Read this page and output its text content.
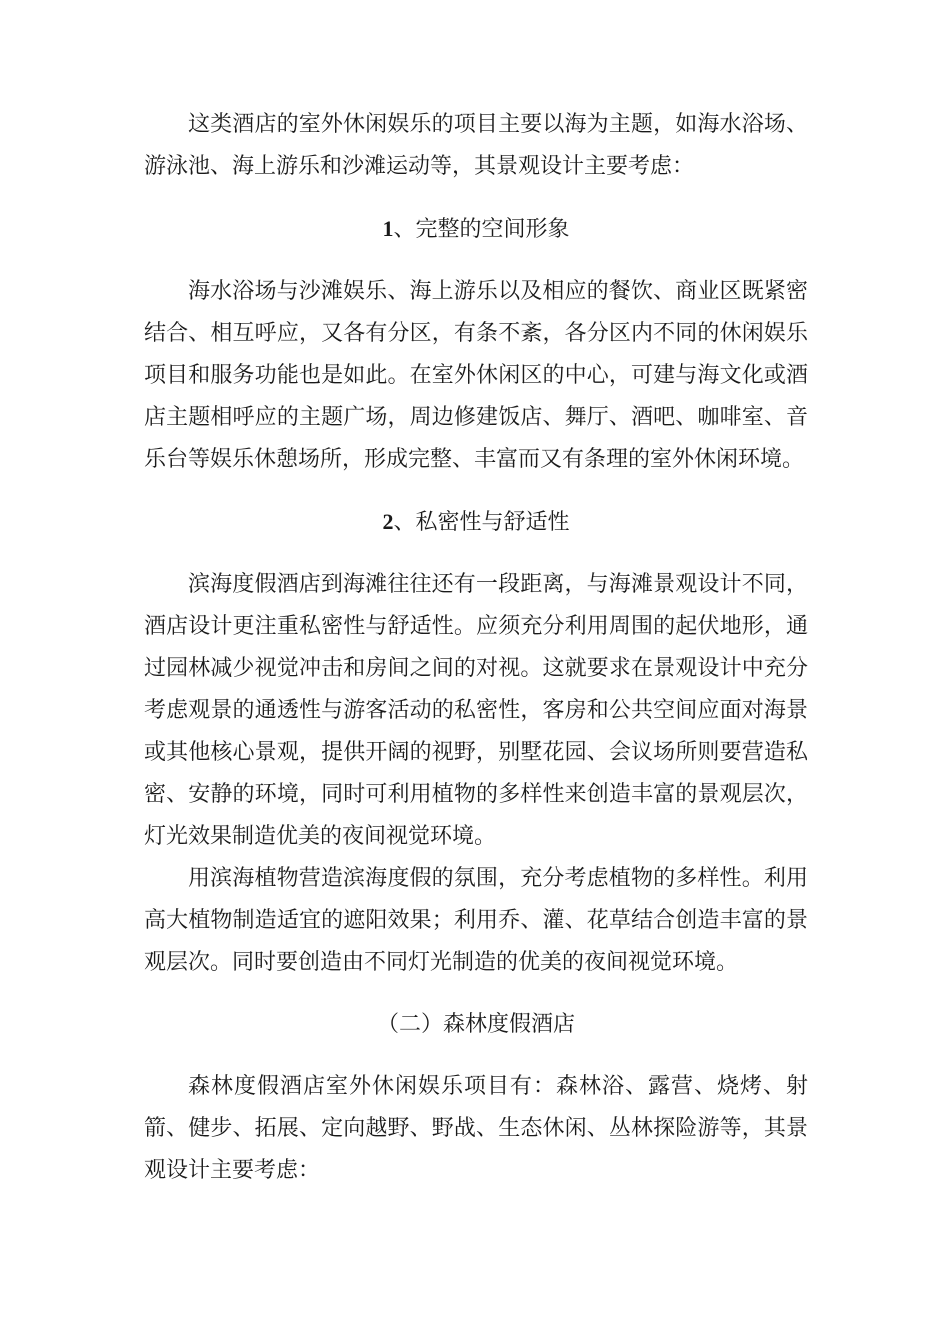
这类酒店的室外休闲娱乐的项目主要以海为主题，如海水浴场、游泳池、海上游乐和沙滩运动等，其景观设计主要考虑：

1、完整的空间形象

海水浴场与沙滩娱乐、海上游乐以及相应的餐饮、商业区既紧密结合、相互呼应，又各有分区，有条不紊，各分区内不同的休闲娱乐项目和服务功能也是如此。在室外休闲区的中心，可建与海文化或酒店主题相呼应的主题广场，周边修建饭店、舞厅、酒吧、咖啡室、音乐台等娱乐休憩场所，形成完整、丰富而又有条理的室外休闲环境。

2、私密性与舒适性

滨海度假酒店到海滩往往还有一段距离，与海滩景观设计不同，酒店设计更注重私密性与舒适性。应须充分利用周围的起伏地形，通过园林减少视觉冲击和房间之间的对视。这就要求在景观设计中充分考虑观景的通透性与游客活动的私密性，客房和公共空间应面对海景或其他核心景观，提供开阔的视野，别墅花园、会议场所则要营造私密、安静的环境，同时可利用植物的多样性来创造丰富的景观层次，灯光效果制造优美的夜间视觉环境。

用滨海植物营造滨海度假的氛围，充分考虑植物的多样性。利用高大植物制造适宜的遮阳效果；利用乔、灌、花草结合创造丰富的景观层次。同时要创造由不同灯光制造的优美的夜间视觉环境。

（二）森林度假酒店

森林度假酒店室外休闲娱乐项目有：森林浴、露营、烧烤、射箭、健步、拓展、定向越野、野战、生态休闲、丛林探险游等，其景观设计主要考虑：
